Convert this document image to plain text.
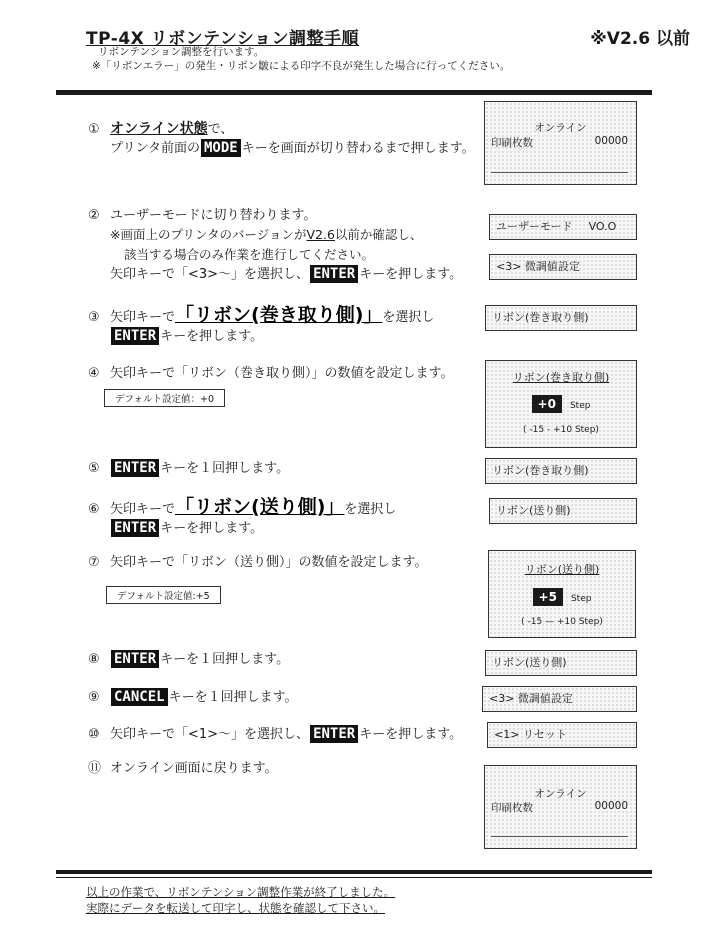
TP-4X リボンテンション調整手順	※V2.6 以前
リボンテンション調整を行います。
※「リボンエラー」の発生・リボン皺による印字不良が発生した場合に行ってください。
① オンライン状態で、
プリンタ前面の MODE キーを画面が切り替わるまで押します。
オンライン
印刷枚数	00000
② ユーザーモードに切り替わります。
※画面上のプリンタのバージョンがV2.6以前か確認し、
該当する場合のみ作業を進行してください。
矢印キーで「<3>〜」を選択し、 ENTER キーを押します。
ユーザーモード VO.O
<3> 微調値設定
③ 矢印キーで「リボン(巻き取り側)」を選択し
ENTER キーを押します。
リボン(巻き取り側)
④ 矢印キーで「リボン（巻き取り側）」の数値を設定します。
デフォルト設定値：+0
リボン(巻き取り側)
+0 Step
( -15 - +10 Step)
⑤ ENTER キーを１回押します。	リボン(巻き取り側)
⑥ 矢印キーで「リボン(送り側)」を選択し
ENTER キーを押します。
リボン(送り側)
⑦ 矢印キーで「リボン（送り側）」の数値を設定します。
デフォルト設定値:+5
リボン(送り側)
+5 Step
( -15 — +10 Step)
⑧ ENTER キーを１回押します。	リボン(送り側)
⑨ CANCEL キーを１回押します。	<3> 微調値設定
⑩ 矢印キーで「<1>〜」を選択し、 ENTER キーを押します。	<1> リセット
⑪ オンライン画面に戻ります。
オンライン
印刷枚数	00000
以上の作業で、リボンテンション調整作業が終了しました。
実際にデータを転送して印字し、状態を確認して下さい。
